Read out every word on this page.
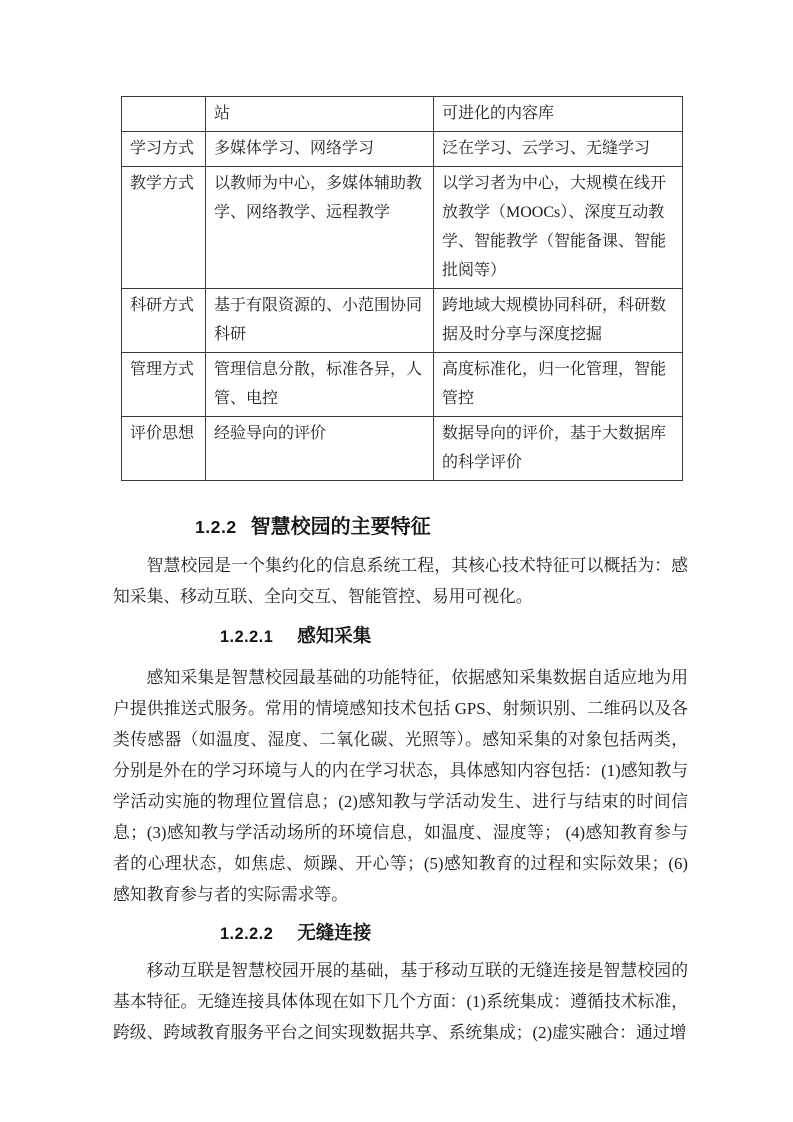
	站	可进化的内容库
学习方式	多媒体学习、网络学习	泛在学习、云学习、无缝学习
教学方式	以教师为中心，多媒体辅助教学、网络教学、远程教学	以学习者为中心，大规模在线开放教学（MOOCs）、深度互动教学、智能教学（智能备课、智能批阅等）
科研方式	基于有限资源的、小范围协同科研	跨地域大规模协同科研，科研数据及时分享与深度挖掘
管理方式	管理信息分散，标准各异，人管、电控	高度标准化，归一化管理，智能管控
评价思想	经验导向的评价	数据导向的评价，基于大数据库的科学评价
1.2.2 智慧校园的主要特征

智慧校园是一个集约化的信息系统工程，其核心技术特征可以概括为：感知采集、移动互联、全向交互、智能管控、易用可视化。

1.2.2.1 感知采集

感知采集是智慧校园最基础的功能特征，依据感知采集数据自适应地为用户提供推送式服务。常用的情境感知技术包括 GPS、射频识别、二维码以及各类传感器（如温度、湿度、二氧化碳、光照等）。感知采集的对象包括两类，分别是外在的学习环境与人的内在学习状态，具体感知内容包括：(1)感知教与学活动实施的物理位置信息；(2)感知教与学活动发生、进行与结束的时间信息；(3)感知教与学活动场所的环境信息，如温度、湿度等； (4)感知教育参与者的心理状态，如焦虑、烦躁、开心等；(5)感知教育的过程和实际效果；(6)感知教育参与者的实际需求等。

1.2.2.2 无缝连接

移动互联是智慧校园开展的基础，基于移动互联的无缝连接是智慧校园的基本特征。无缝连接具体体现在如下几个方面：(1)系统集成：遵循技术标准，跨级、跨域教育服务平台之间实现数据共享、系统集成；(2)虚实融合：通过增
